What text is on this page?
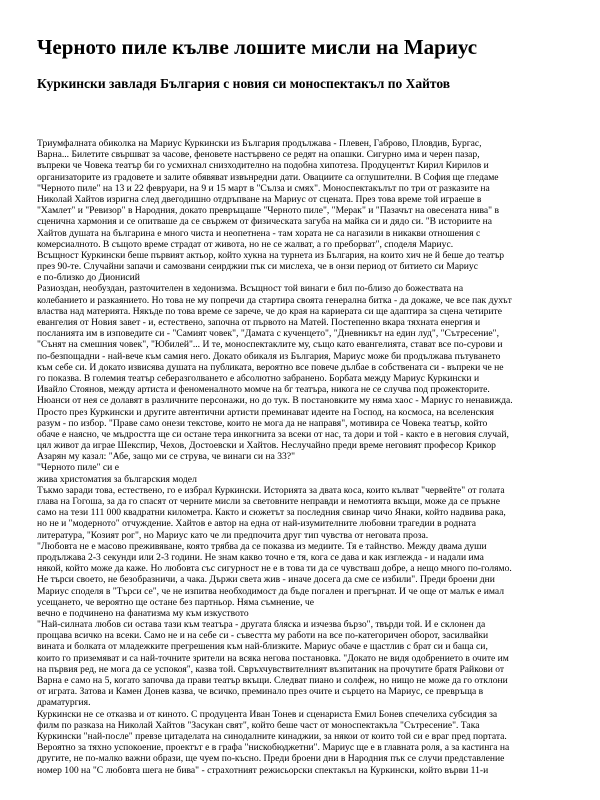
Черното пиле кълве лошите мисли на Мариус
Куркински завладя България с новия си моноспектакъл по Хайтов
Триумфалната обиколка на Мариус Куркински из България продължава - Плевен, Габрово, Пловдив, Бургас,
Варна... Билетите свършват за часове, феновете настървено се редят на опашки. Сигурно има и черен пазар,
въпреки че Човека театър би го усмихнал снизходително на подобна хипотеза. Продуцентът Кирил Кирилов и
организаторите из градовете и залите обявяват извънредни дати. Овациите са оглушителни. В София ще гледаме
"Черното пиле" на 13 и 22 февруари, на 9 и 15 март в "Сълза и смях". Моноспектакълът по три от разказите на
Николай Хайтов изригна след двегодишно отдръпване на Мариус от сцената. През това време той играеше в
"Хамлет" и "Ревизор" в Народния, докато превръщаше "Черното пиле", "Мерак" и "Пазачът на овесената нива" в
сценична хармония и се опитваше да се свържем от физическата загуба на майка си и дядо си. "В историите на
Хайтов душата на българина е много чиста и неопетнена - там хората не са нагазили в никакви отношения с
комерсиалното. В същото време страдат от живота, но не се жалват, а го преборват", споделя Мариус.
Всъщност Куркински беше първият актьор, който хукна на турнета из България, на които хич не й беше до театър
през 90-те. Случайни запачи и самозвани сеирджии пък си мислеха, че в онзи период от битието си Мариус
е по-близко до Дионисий
Разиоздан, необуздан, разточителен в хедонизма. Всъщност той винаги е бил по-близо до божествата на
колебанието и разкаянието. Но това не му попречи да стартира своята генерална битка - да докаже, че все пак духът
властва над материята. Някъде по това време се зарече, че до края на кариерата си ще адаптира за сцена четирите
евангелия от Новия завет - и, естествено, започна от първото на Матей. Постепенно вкара тяхната енергия и
посланията им в изповедите си - "Самият човек", "Дамата с кученцето", "Дневникът на един луд", "Сътресение",
"Сънят на смешния човек", "Юбилей"... И те, моноспектаклите му, също като евангелията, стават все по-сурови и
по-безпощадни - най-вече към самия него. Докато обикаля из България, Мариус може би продължава пътуването
към себе си. И докато извисява душата на публиката, вероятно все повече дълбае в собствената си - въпреки че не
го показва. В големия театър себеразголването е абсолютно забранено. Борбата между Мариус Куркински и
Ивайло Стоянов, между артиста и феноменалното момче на бг театъра, никога не се случва под прожекторите.
Нюанси от нея се долавят в различните персонажи, но до тук. В постановките му няма хаос - Мариус го ненавижда.
Просто през Куркински и другите автентични артисти преминават идеите на Господ, на космоса, на вселенския
разум - по избор. "Праве само онези текстове, които не мога да не направя", мотивира се Човека театър, който
обаче е наясно, че мъдростта ще си остане тера инкогнита за всеки от нас, та дори и той - както е в неговия случай,
цял живот да играе Шекспир, Чехов, Достоевски и Хайтов. Неслучайно преди време неговият професор Крикор
Азарян му казал: "Абе, защо ми се струва, че винаги си на 33?"
"Черното пиле" си е
жива христоматия за българския модел
Тъкмо заради това, естествено, го е избрал Куркински. Историята за двата коса, които кълват "червейте" от голата
глава на Гогоша, за да го спасят от черните мисли за световните неправди и немотията вкъщи, може да се пръкне
само на тези 111 000 квадратни километра. Както и сюжетът за последния свинар чичо Янаки, който надвива рака,
но не и "модерното" отчуждение. Хайтов е автор на една от най-изумителните любовни трагедии в родната
литература, "Козият рог", но Мариус като че ли предпочита друг тип чувства от неговата проза.
"Любовта не е масово преживяване, която трябва да се показва из медиите. Тя е тайнство. Между двама души
продължава 2-3 секунди или 2-3 години. Не знам какво точно е тя, кога се дава и как изглежда - и надали има
някой, който може да каже. Но любовта със сигурност не е в това ти да се чувстваш добре, а нещо много по-голямо.
Не търси своето, не безобразничи, а чака. Държи света жив - иначе досега да сме се избили". Преди броени дни
Мариус споделя в "Търси се", че не изпитва необходимост да бъде погален и прегърнат. И че още от малък е имал
усещането, че вероятно ще остане без партньор. Няма съмнение, че
вечно е подчинено на фанатизма му към изкуството
"Най-силната любов си остава тази към театъра - другата бляска и изчезва бързо", твърди той. И е склонен да
прощава всичко на всеки. Само не и на себе си - съвестта му работи на все по-категоричен оборот, засилвайки
вината и болката от младежките прегрешения към най-близките. Мариус обаче е щастлив с брат си и баща си,
които го приземяват и са най-точните зрители на всяка негова постановка. "Докато не видя одобрението в очите им
на първия ред, не мога да се успокоя", казва той. Свръхчувствителният възпитаник на прочутите братя Райкови от
Варна е само на 5, когато започва да прави театър вкъщи. Следват пиано и солфеж, но нищо не може да го отклони
от играта. Затова и Камен Донев казва, че всичко, преминало през очите и сърцето на Мариус, се превръща в
драматургия.
Куркински не се отказва и от киното. С продуцента Иван Тонев и сценариста Емил Бонев спечелиха субсидия за
филм по разказа на Николай Хайтов "Засукан свят", който беше част от моноспектакъла "Сътресение". Така
Куркински "най-после" превзе цитаделата на синодалните кинаджии, за някои от които той си е враг пред портата.
Вероятно за тяхно успокоение, проектът е в графа "нискобюджетни". Мариус ще е в главната роля, а за кастинга на
другите, не по-малко важни образи, ще чуем по-късно. Преди броени дни в Народния пък се случи представление
номер 100 на "С любовта шега не бива" - страхотният режисьорски спектакъл на Куркински, който върви 11-и
